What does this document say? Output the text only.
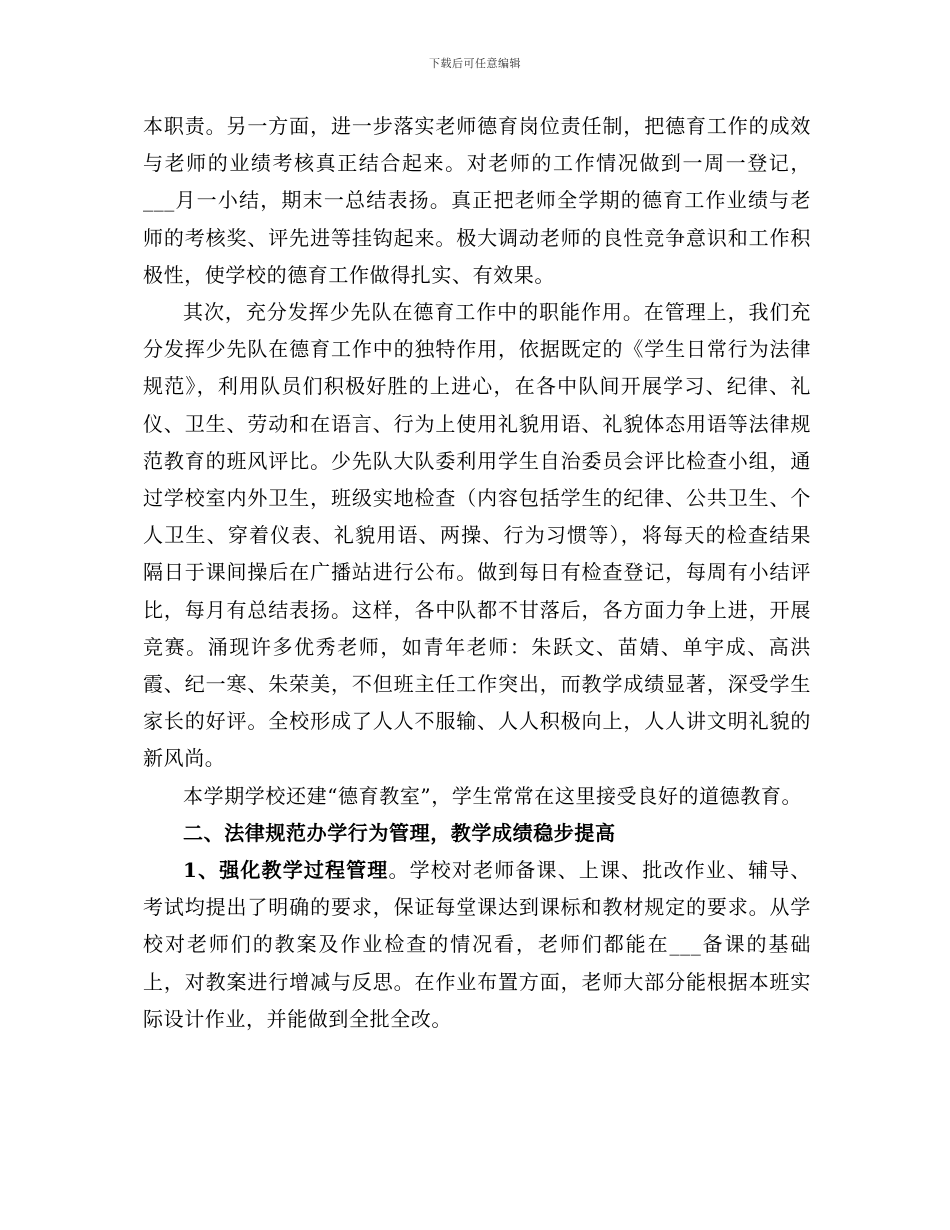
下载后可任意编辑

本职责。另一方面，进一步落实老师德育岗位责任制，把德育工作的成效与老师的业绩考核真正结合起来。对老师的工作情况做到一周一登记，___月一小结，期末一总结表扬。真正把老师全学期的德育工作业绩与老师的考核奖、评先进等挂钩起来。极大调动老师的良性竞争意识和工作积极性，使学校的德育工作做得扎实、有效果。

其次，充分发挥少先队在德育工作中的职能作用。在管理上，我们充分发挥少先队在德育工作中的独特作用，依据既定的《学生日常行为法律规范》，利用队员们积极好胜的上进心，在各中队间开展学习、纪律、礼仪、卫生、劳动和在语言、行为上使用礼貌用语、礼貌体态用语等法律规范教育的班风评比。少先队大队委利用学生自治委员会评比检查小组，通过学校室内外卫生，班级实地检查（内容包括学生的纪律、公共卫生、个人卫生、穿着仪表、礼貌用语、两操、行为习惯等），将每天的检查结果隔日于课间操后在广播站进行公布。做到每日有检查登记，每周有小结评比，每月有总结表扬。这样，各中队都不甘落后，各方面力争上进，开展竞赛。涌现许多优秀老师，如青年老师：朱跃文、苗婧、单宇成、高洪霞、纪一寒、朱荣美，不但班主任工作突出，而教学成绩显著，深受学生家长的好评。全校形成了人人不服输、人人积极向上，人人讲文明礼貌的新风尚。

本学期学校还建“德育教室”，学生常常在这里接受良好的道德教育。

二、法律规范办学行为管理，教学成绩稳步提高

1、强化教学过程管理。学校对老师备课、上课、批改作业、辅导、考试均提出了明确的要求，保证每堂课达到课标和教材规定的要求。从学校对老师们的教案及作业检查的情况看，老师们都能在___备课的基础上，对教案进行增减与反思。在作业布置方面，老师大部分能根据本班实际设计作业，并能做到全批全改。
